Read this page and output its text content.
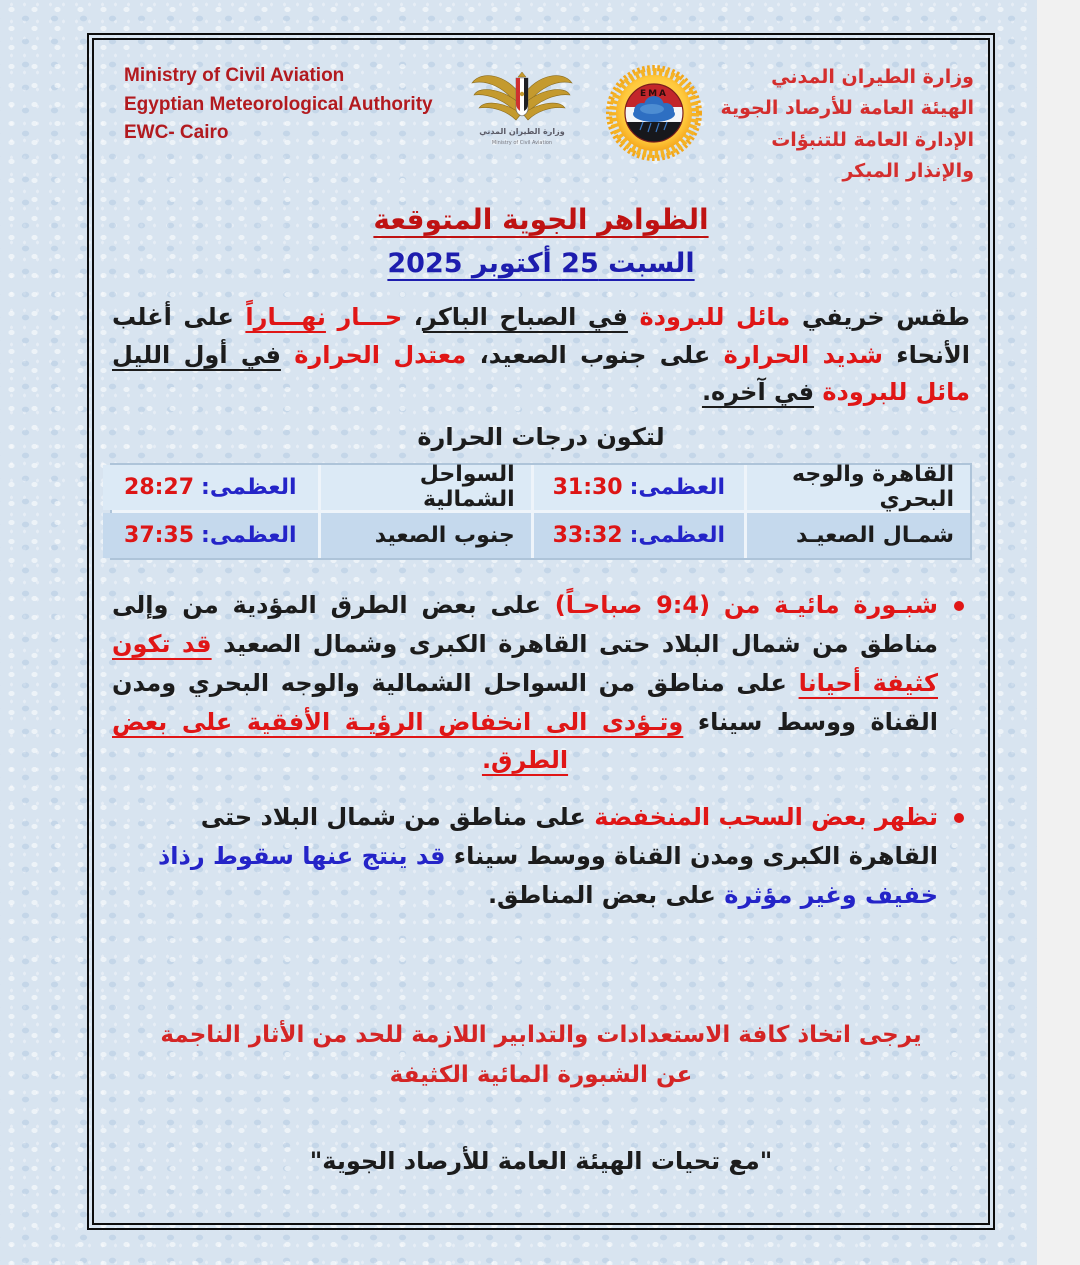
Ministry of Civil Aviation
Egyptian Meteorological Authority
EWC- Cairo	وزارة الطيران المدني
Ministry of Civil Aviation
EMA
وزارة الطيران المدني
الهيئة العامة للأرصاد الجوية
الإدارة العامة للتنبؤات والإنذار المبكر
الظواهر الجوية المتوقعة
السبت 25 أكتوبر 2025
طقس خريفي مائل للبرودة في الصباح الباكر، حـــار نهـــاراً على أغلب الأنحاء شديد الحرارة على جنوب الصعيد، معتدل الحرارة في أول الليل مائل للبرودة في آخره.
لتكون درجات الحرارة
القاهرة والوجه البحري
العظمى:
31:30
السواحل الشمالية
العظمى:
28:27
شمـال الصعيـد
العظمى:
33:32
جنوب الصعيد
العظمى:
37:35
شبـورة مائيـة من (9:4 صباحـاً) على بعض الطرق المؤدية من وإلى مناطق من شمال البلاد حتى القاهرة الكبرى وشمال الصعيد قد تكون كثيفة أحيانا على مناطق من السواحل الشمالية والوجه البحري ومدن القناة ووسط سيناء وتـؤدى الى انخفاض الرؤيـة الأفقية على بعض الطرق.
تظهر بعض السحب المنخفضة على مناطق من شمال البلاد حتى القاهرة الكبرى ومدن القناة ووسط سيناء قد ينتج عنها سقوط رذاذ خفيف وغير مؤثرة على بعض المناطق.
يرجى اتخاذ كافة الاستعدادات والتدابير اللازمة للحد من الأثار الناجمة
عن الشبورة المائية الكثيفة
"مع تحيات الهيئة العامة للأرصاد الجوية"
